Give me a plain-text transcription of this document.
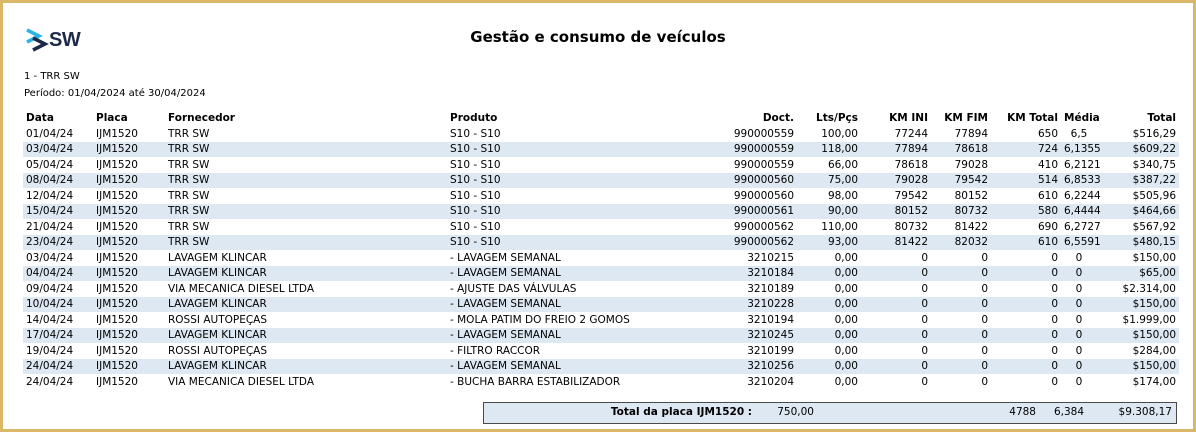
SW	Gestão e consumo de veículos
1 - TRR SW
Período: 01/04/2024 até 30/04/2024
Data	Placa	Fornecedor	Produto	Doct.	Lts/Pçs	KM INI	KM FIM	KM Total	Média	Total
01/04/24	IJM1520	TRR SW	S10 - S10	990000559	100,00	77244	77894	650	6,5	$516,29
03/04/24	IJM1520	TRR SW	S10 - S10	990000559	118,00	77894	78618	724	6,1355	$609,22
05/04/24	IJM1520	TRR SW	S10 - S10	990000559	66,00	78618	79028	410	6,2121	$340,75
08/04/24	IJM1520	TRR SW	S10 - S10	990000560	75,00	79028	79542	514	6,8533	$387,22
12/04/24	IJM1520	TRR SW	S10 - S10	990000560	98,00	79542	80152	610	6,2244	$505,96
15/04/24	IJM1520	TRR SW	S10 - S10	990000561	90,00	80152	80732	580	6,4444	$464,66
21/04/24	IJM1520	TRR SW	S10 - S10	990000562	110,00	80732	81422	690	6,2727	$567,92
23/04/24	IJM1520	TRR SW	S10 - S10	990000562	93,00	81422	82032	610	6,5591	$480,15
03/04/24	IJM1520	LAVAGEM KLINCAR	- LAVAGEM SEMANAL	3210215	0,00	0	0	0	0	$150,00
04/04/24	IJM1520	LAVAGEM KLINCAR	- LAVAGEM SEMANAL	3210184	0,00	0	0	0	0	$65,00
09/04/24	IJM1520	VIA MECANICA DIESEL LTDA	- AJUSTE DAS VÁLVULAS	3210189	0,00	0	0	0	0	$2.314,00
10/04/24	IJM1520	LAVAGEM KLINCAR	- LAVAGEM SEMANAL	3210228	0,00	0	0	0	0	$150,00
14/04/24	IJM1520	ROSSI AUTOPEÇAS	- MOLA PATIM DO FREIO 2 GOMOS	3210194	0,00	0	0	0	0	$1.999,00
17/04/24	IJM1520	LAVAGEM KLINCAR	- LAVAGEM SEMANAL	3210245	0,00	0	0	0	0	$150,00
19/04/24	IJM1520	ROSSI AUTOPEÇAS	- FILTRO RACCOR	3210199	0,00	0	0	0	0	$284,00
24/04/24	IJM1520	LAVAGEM KLINCAR	- LAVAGEM SEMANAL	3210256	0,00	0	0	0	0	$150,00
24/04/24	IJM1520	VIA MECANICA DIESEL LTDA	- BUCHA BARRA ESTABILIZADOR	3210204	0,00	0	0	0	0	$174,00
Total da placa IJM1520 : 750,00	4788 6,384	$9.308,17
